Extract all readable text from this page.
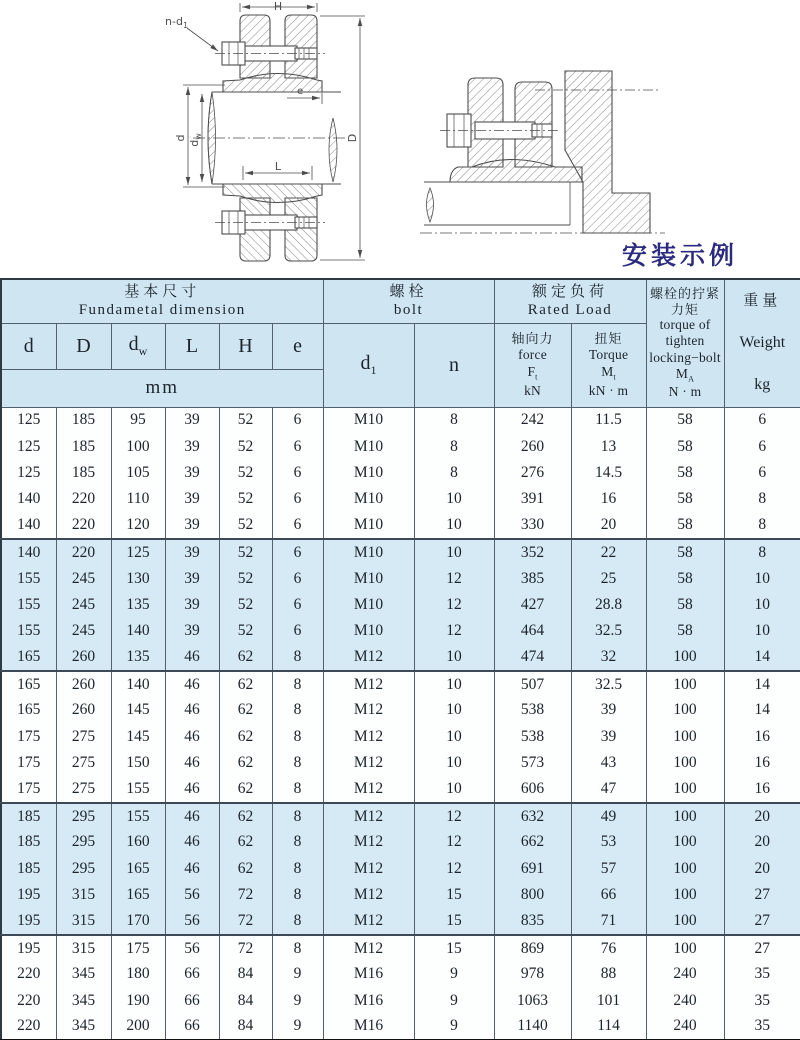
H
$n-d_1$
e
d
$d_w$	D
L
安装示例
基本尺寸
Fundametal dimension

螺栓
bolt

额定负荷
Rated Load

螺栓的拧紧
力矩
torque of
tighten
locking−bolt
$M_A$
N · m

重量
Weight
kg

d	D	$d_w$	L	H	e	$d_1$	n	轴向力
force
$F_t$
kN	扭矩
Torque
$M_t$
kN · m		

mm											
125	185	95	39	52	6	M10	8	242	11.5	58	6
125	185	100	39	52	6	M10	8	260	13	58	6
125	185	105	39	52	6	M10	8	276	14.5	58	6
140	220	110	39	52	6	M10	10	391	16	58	8
140	220	120	39	52	6	M10	10	330	20	58	8
140	220	125	39	52	6	M10	10	352	22	58	8
155	245	130	39	52	6	M10	12	385	25	58	10
155	245	135	39	52	6	M10	12	427	28.8	58	10
155	245	140	39	52	6	M10	12	464	32.5	58	10
165	260	135	46	62	8	M12	10	474	32	100	14
165	260	140	46	62	8	M12	10	507	32.5	100	14
165	260	145	46	62	8	M12	10	538	39	100	14
175	275	145	46	62	8	M12	10	538	39	100	16
175	275	150	46	62	8	M12	10	573	43	100	16
175	275	155	46	62	8	M12	10	606	47	100	16
185	295	155	46	62	8	M12	12	632	49	100	20
185	295	160	46	62	8	M12	12	662	53	100	20
185	295	165	46	62	8	M12	12	691	57	100	20
195	315	165	56	72	8	M12	15	800	66	100	27
195	315	170	56	72	8	M12	15	835	71	100	27
195	315	175	56	72	8	M12	15	869	76	100	27
220	345	180	66	84	9	M16	9	978	88	240	35
220	345	190	66	84	9	M16	9	1063	101	240	35
220	345	200	66	84	9	M16	9	1140	114	240	35
